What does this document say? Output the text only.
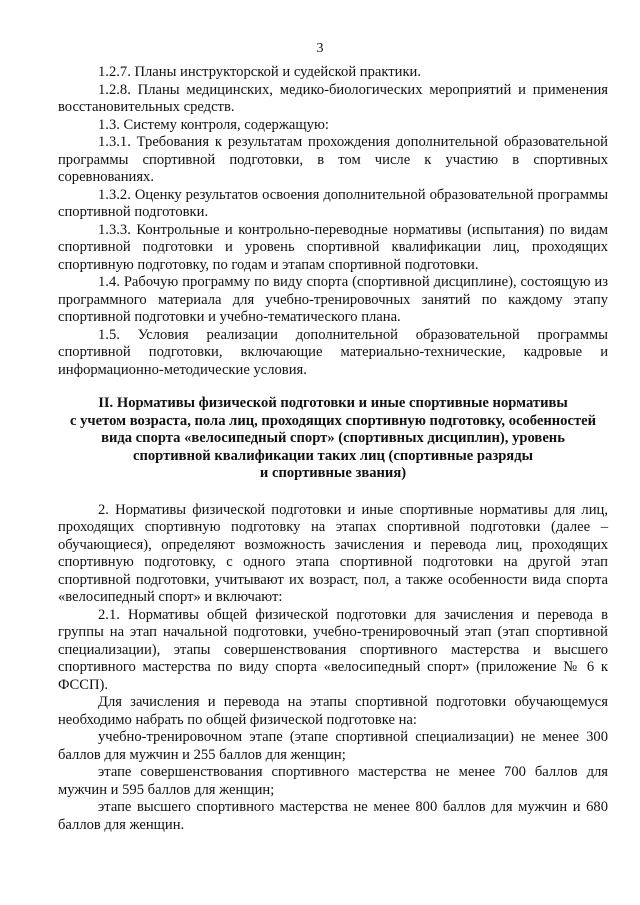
3

1.2.7. Планы инструкторской и судейской практики.

1.2.8. Планы медицинских, медико-биологических мероприятий и применения восстановительных средств.

1.3. Систему контроля, содержащую:

1.3.1. Требования к результатам прохождения дополнительной образовательной программы спортивной подготовки, в том числе к участию в спортивных соревнованиях.

1.3.2. Оценку результатов освоения дополнительной образовательной программы спортивной подготовки.

1.3.3. Контрольные и контрольно-переводные нормативы (испытания) по видам спортивной подготовки и уровень спортивной квалификации лиц, проходящих спортивную подготовку, по годам и этапам спортивной подготовки.

1.4. Рабочую программу по виду спорта (спортивной дисциплине), состоящую из программного материала для учебно-тренировочных занятий по каждому этапу спортивной подготовки и учебно-тематического плана.

1.5. Условия реализации дополнительной образовательной программы спортивной подготовки, включающие материально-технические, кадровые и информационно-методические условия.

II. Нормативы физической подготовки и иные спортивные нормативы
с учетом возраста, пола лиц, проходящих спортивную подготовку, особенностей
вида спорта «велосипедный спорт» (спортивных дисциплин), уровень
спортивной квалификации таких лиц (спортивные разряды
и спортивные звания)

2. Нормативы физической подготовки и иные спортивные нормативы для лиц, проходящих спортивную подготовку на этапах спортивной подготовки (далее – обучающиеся), определяют возможность зачисления и перевода лиц, проходящих спортивную подготовку, с одного этапа спортивной подготовки на другой этап спортивной подготовки, учитывают их возраст, пол, а также особенности вида спорта «велосипедный спорт» и включают:

2.1. Нормативы общей физической подготовки для зачисления и перевода в группы на этап начальной подготовки, учебно-тренировочный этап (этап спортивной специализации), этапы совершенствования спортивного мастерства и высшего спортивного мастерства по виду спорта «велосипедный спорт» (приложение № 6 к ФССП).

Для зачисления и перевода на этапы спортивной подготовки обучающемуся необходимо набрать по общей физической подготовке на:

учебно-тренировочном этапе (этапе спортивной специализации) не менее 300 баллов для мужчин и 255 баллов для женщин;

этапе совершенствования спортивного мастерства не менее 700 баллов для мужчин и 595 баллов для женщин;

этапе высшего спортивного мастерства не менее 800 баллов для мужчин и 680 баллов для женщин.
